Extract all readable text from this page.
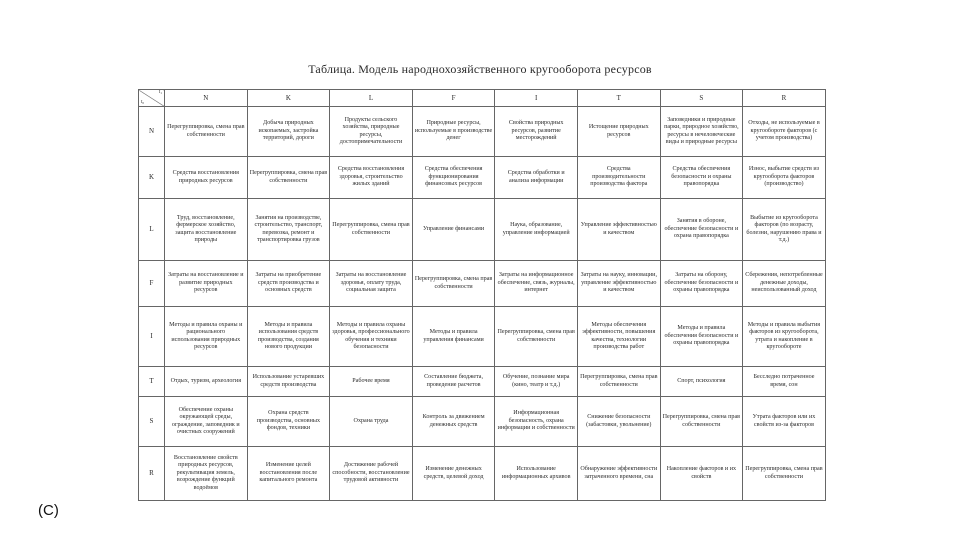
Таблица. Модель народнохозяйственного кругооборота ресурсов
t₁
t₀	N	K	L	F	I	T	S	R
N	Перегруппировка, смена прав собственности	Добыча природных ископаемых, застройка территорий, дороги	Продукты сельского хозяйства, природные ресурсы, достопримечательности	Природные ресурсы, используемые в производстве денег	Свойства природных ресурсов, развитие месторождений	Истощение природных ресурсов	Заповедники и природные парки, природное хозяйство, ресурсы в нечеловеческие виды и природные ресурсы	Отходы, не используемые в кругообороте факторов (с учетом производства)
K	Средства восстановления природных ресурсов	Перегруппировка, смена прав собственности	Средства восстановления здоровья, строительство жилых зданий	Средства обеспечения функционирования финансовых ресурсов	Средства обработки и анализа информации	Средства производительности производства фактора	Средства обеспечения безопасности и охраны правопорядка	Износ, выбытие средств из кругооборота факторов (производство)
L	Труд, восстановление, фермерское хозяйство, защита восстановление природы	Занятия на производстве, строительство, транспорт, перевозка, ремонт и транспортировка грузов	Перегруппировка, смена прав собственности	Управление финансами	Наука, образование, управление информацией	Управление эффективностью и качеством	Занятия в обороне, обеспечение безопасности и охрана правопорядка	Выбытие из кругооборота факторов (по возрасту, болезни, нарушению права и т.д.)
F	Затраты на восстановление и развитие природных ресурсов	Затраты на приобретение средств производства и основных средств	Затраты на восстановление здоровья, оплату труда, социальная защита	Перегруппировка, смена прав собственности	Затраты на информационное обеспечение, связь, журналы, интернет	Затраты на науку, инновации, управление эффективностью и качеством	Затраты на оборону, обеспечение безопасности и охраны правопорядка	Сбережения, непотребленные денежные доходы, неиспользованный доход
I	Методы и правила охраны и рационального использования природных ресурсов	Методы и правила использования средств производства, создания нового продукции	Методы и правила охраны здоровья, профессионального обучения и техники безопасности	Методы и правила управления финансами	Перегруппировка, смена прав собственности	Методы обеспечения эффективности, повышения качества, технологии производства работ	Методы и правила обеспечения безопасности и охраны правопорядка	Методы и правила выбытия факторов из кругооборота, утрата и накопление в кругообороте
T	Отдых, туризм, археология	Использование устаревших средств производства	Рабочее время	Составление бюджета, проведение расчетов	Обучение, познание мира (кино, театр и т.д.)	Перегруппировка, смена прав собственности	Спорт, психология	Бесследно потраченное время, сон
S	Обеспечение охраны окружающей среды, ограждение, заповедник и очистных сооружений	Охрана средств производства, основных фондов, техники	Охрана труда	Контроль за движением денежных средств	Информационная безопасность, охрана информации и собственности	Снижение безопасности (забастовки, увольнение)	Перегруппировка, смена прав собственности	Утрата факторов или их свойств из-за факторов
R	Восстановление свойств природных ресурсов, рекультивация земель, возрождение функций водоёмов	Изменение целей восстановления после капитального ремонта	Достижение рабочей способности, восстановление трудовой активности	Изменение денежных средств, целевой доход	Использование информационных архивов	Обнаружение эффективности затраченного времени, сна	Накопление факторов и их свойств	Перегруппировка, смена прав собственности
(C)
